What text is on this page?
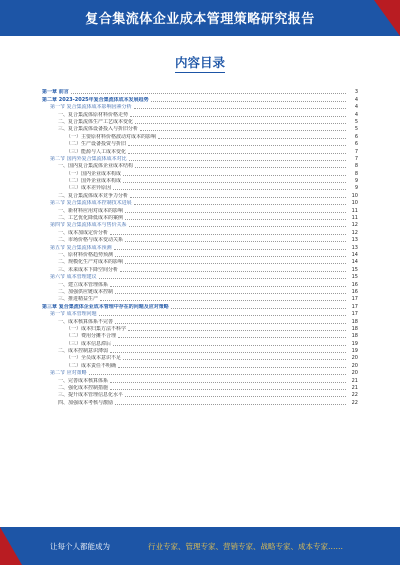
复合集流体企业成本管理策略研究报告
内容目录
第一章 前言	3
第二章 2023-2025年复合集流体成本发展趋势	4
第一节 复合集流体成本影响因素分析	4
一、复合集流体原材料价格走势	4
二、复合集流体生产工艺成本变化	5
三、复合集流体设备投入与折旧分析	5
（一）主要原材料价格波动对成本的影响	6
（二）生产设备投资与折旧	6
（三）能源与人工成本变化	7
第二节 国内外复合集流体成本对比	7
一、国内复合集流体企业成本结构	8
（一）国内企业成本构成	8
（二）国外企业成本构成	9
（三）成本差异原因	9
二、复合集流体成本竞争力分析	10
第三节 复合集流体成本控制技术进展	10
一、新材料应用对成本的影响	11
二、工艺优化降低成本的案例	11
第四节 复合集流体成本与售价关系	12
一、成本加成定价分析	12
二、市场价格与成本变动关系	13
第五节 复合集流体成本预测	13
一、原材料价格趋势预测	14
二、规模化生产对成本的影响	14
三、未来成本下降空间分析	15
第六节 成本管理建议	15
一、建立成本管理体系	16
二、加强供应链成本控制	16
三、推进精益生产	17
第三章 复合集流体企业成本管理中存在的问题及应对策略	17
第一节 成本管理问题	17
一、成本核算体系不完善	18
（一）成本归集方法不科学	18
（二）费用分摊不合理	18
（三）成本信息滞后	19
二、成本控制意识薄弱	19
（一）全员成本意识不足	20
（二）成本责任不明确	20
第二节 应对策略	20
一、完善成本核算体系	21
二、强化成本控制措施	21
三、提升成本管理信息化水平	22
四、加强成本考核与激励	22
让每个人都能成为	行业专家、管理专家、营销专家、战略专家、成本专家……
